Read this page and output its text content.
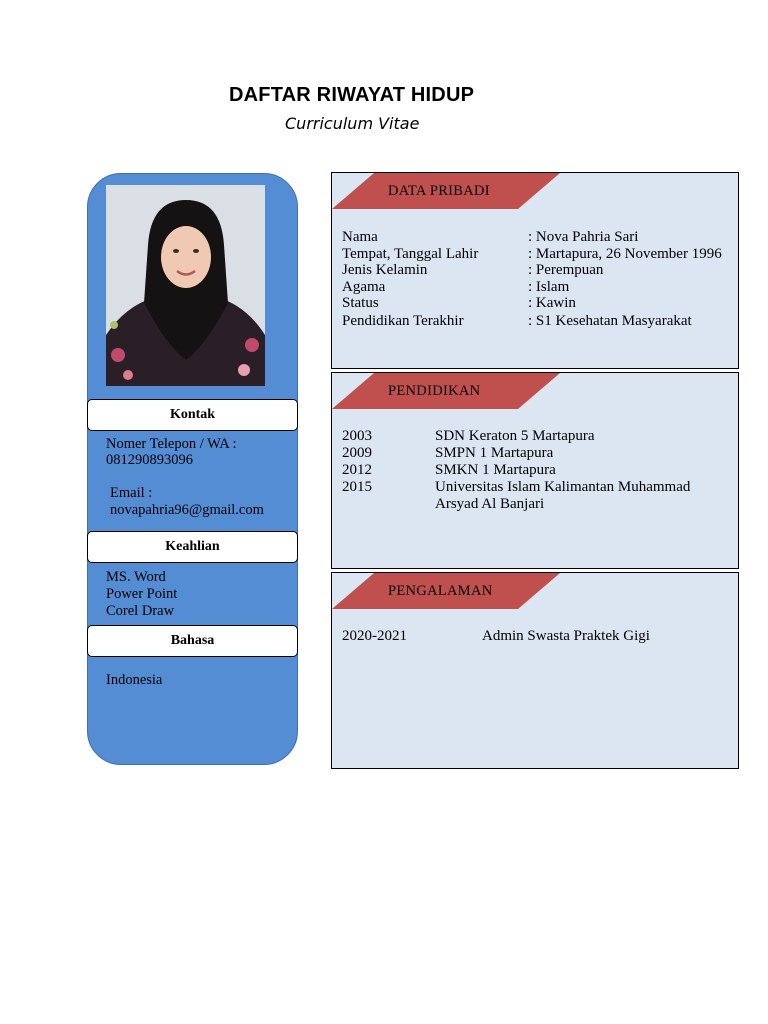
DAFTAR RIWAYAT HIDUP
Curriculum Vitae
Kontak
Nomer Telepon / WA :
081290893096
Email :
novapahria96@gmail.com
Keahlian
MS. Word
Power Point
Corel Draw
Bahasa
Indonesia
DATA PRIBADI
Nama	: Nova Pahria Sari
Tempat, Tanggal Lahir	: Martapura, 26 November 1996
Jenis Kelamin	: Perempuan
Agama	: Islam
Status	: Kawin
Pendidikan Terakhir	: S1 Kesehatan Masyarakat
PENDIDIKAN
2003	SDN Keraton 5 Martapura
2009	SMPN 1 Martapura
2012	SMKN 1 Martapura
2015	Universitas Islam Kalimantan Muhammad
Arsyad Al Banjari
PENGALAMAN
2020-2021	Admin Swasta Praktek Gigi
